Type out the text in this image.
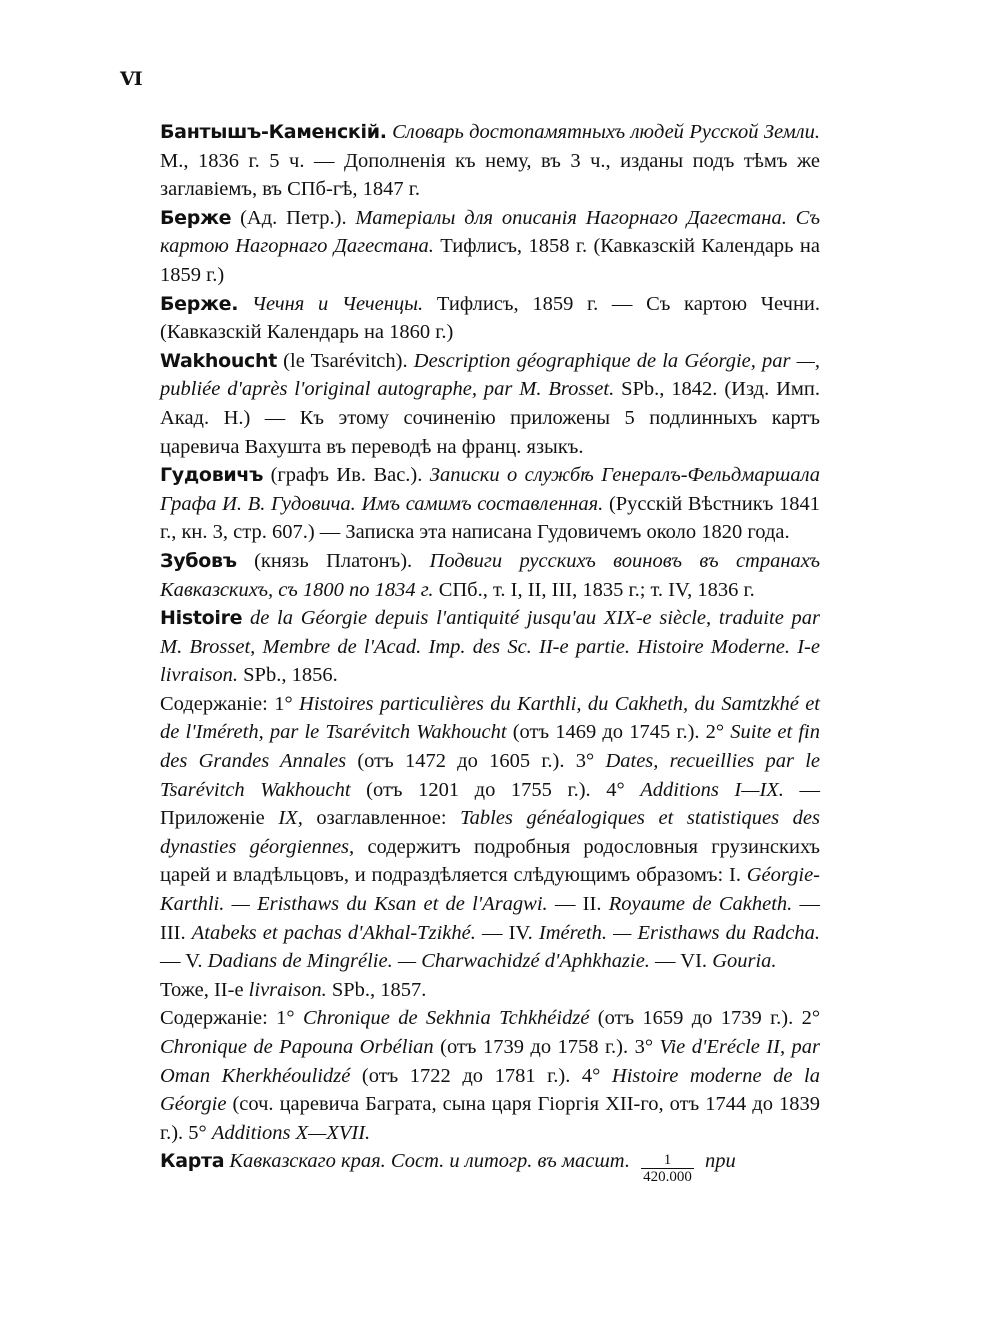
VI

Бантышъ-Каменскій. Словарь достопамятныхъ людей Русской Земли. М., 1836 г. 5 ч. — Дополненія къ нему, въ 3 ч., изданы подъ тѣмъ же заглавіемъ, въ СПб-гѣ, 1847 г.

Берже (Ад. Петр.). Матеріалы для описанія Нагорнаго Дагестана. Съ картою Нагорнаго Дагестана. Тифлисъ, 1858 г. (Кавказскій Календарь на 1859 г.)

Берже. Чечня и Чеченцы. Тифлисъ, 1859 г. — Съ картою Чечни. (Кавказскій Календарь на 1860 г.)

Wakhoucht (le Tsarévitch). Description géographique de la Géorgie, par —, publiée d'après l'original autographe, par M. Brosset. SPb., 1842. (Изд. Имп. Акад. Н.) — Къ этому сочиненію приложены 5 подлинныхъ картъ царевича Вахушта въ переводѣ на франц. языкъ.

Гудовичъ (графъ Ив. Вас.). Записки о службѣ Генералъ-Фельдмаршала Графа И. В. Гудовича. Имъ самимъ составленная. (Русскій Вѣстникъ 1841 г., кн. 3, стр. 607.) — Записка эта написана Гудовичемъ около 1820 года.

Зубовъ (князь Платонъ). Подвиги русскихъ воиновъ въ странахъ Кавказскихъ, съ 1800 по 1834 г. СПб., т. I, II, III, 1835 г.; т. IV, 1836 г.

Histoire de la Géorgie depuis l'antiquité jusqu'au XIX-e siècle, traduite par M. Brosset, Membre de l'Acad. Imp. des Sc. II-e partie. Histoire Moderne. I-e livraison. SPb., 1856.

Содержаніе: 1° Histoires particulières du Karthli, du Cakheth, du Samtzkhé et de l'Iméreth, par le Tsarévitch Wakhoucht (отъ 1469 до 1745 г.). 2° Suite et fin des Grandes Annales (отъ 1472 до 1605 г.). 3° Dates, recueillies par le Tsarévitch Wakhoucht (отъ 1201 до 1755 г.). 4° Additions I—IX. — Приложеніе IX, озаглавленное: Tables généalogiques et statistiques des dynasties géorgiennes, содержитъ подробныя родословныя грузинскихъ царей и владѣльцовъ, и подраздѣляется слѣдующимъ образомъ: I. Géorgie-Karthli. — Eristhaws du Ksan et de l'Aragwi. — II. Royaume de Cakheth. — III. Atabeks et pachas d'Akhal-Tzikhé. — IV. Iméreth. — Eristhaws du Radcha. — V. Dadians de Mingrélie. — Charwachidzé d'Aphkhazie. — VI. Gouria.

Тоже, II-е livraison. SPb., 1857.

Содержаніе: 1° Chronique de Sekhnia Tchkhéidzé (отъ 1659 до 1739 г.). 2° Chronique de Papouna Orbélian (отъ 1739 до 1758 г.). 3° Vie d'Erécle II, par Oman Kherkhéoulidzé (отъ 1722 до 1781 г.). 4° Histoire moderne de la Géorgie (соч. царевича Баграта, сына царя Гіоргія XII-го, отъ 1744 до 1839 г.). 5° Additions X—XVII.

Карта Кавказскаго края. Сост. и литогр. въ масшт. $\frac{1}{420.000}$ при
